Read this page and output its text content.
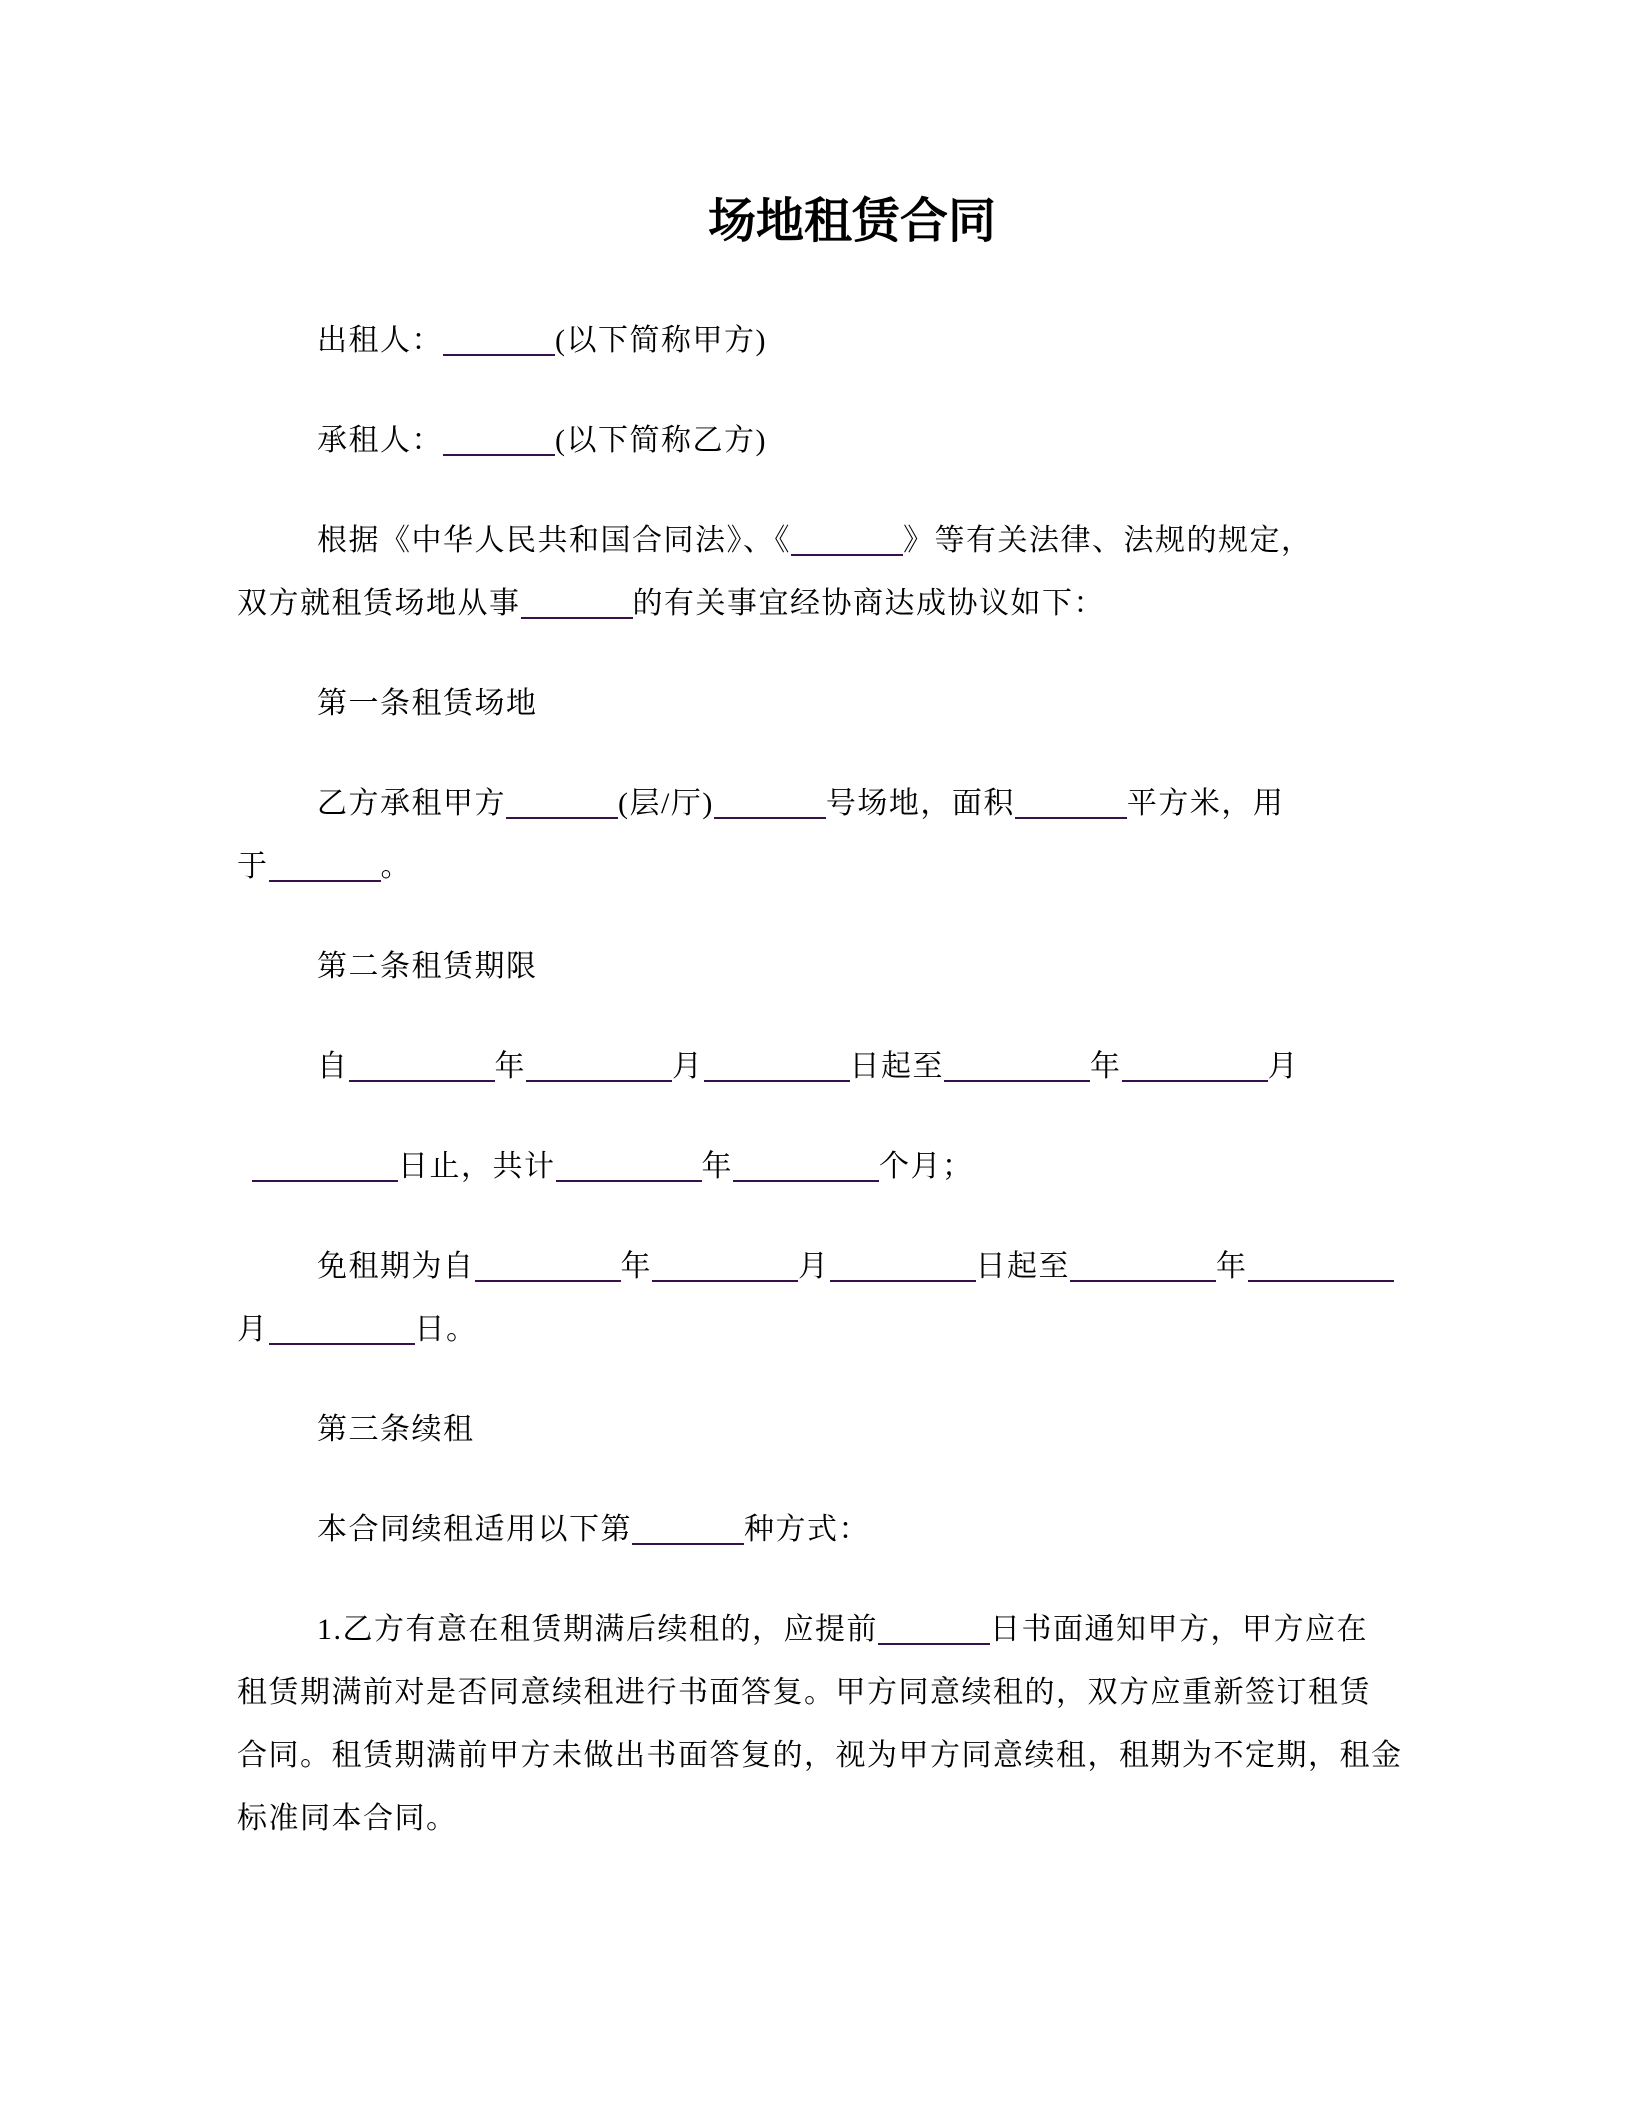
场地租赁合同
出租人：	(以下简称甲方)
承租人：	(以下简称乙方)
根据《中华人民共和国合同法》、《	》等有关法律、法规的规定，
双方就租赁场地从事	的有关事宜经协商达成协议如下：
第一条租赁场地
乙方承租甲方	(层/厅)	号场地，面积	平方米，用
于	。
第二条租赁期限
自	年	月	日起至	年	月
日止，共计	年	个月；
免租期为自	年	月	日起至	年
月	日。
第三条续租
本合同续租适用以下第	种方式：
1.乙方有意在租赁期满后续租的，应提前	日书面通知甲方，甲方应在
租赁期满前对是否同意续租进行书面答复。甲方同意续租的，双方应重新签订租赁
合同。租赁期满前甲方未做出书面答复的，视为甲方同意续租，租期为不定期，租金
标准同本合同。
